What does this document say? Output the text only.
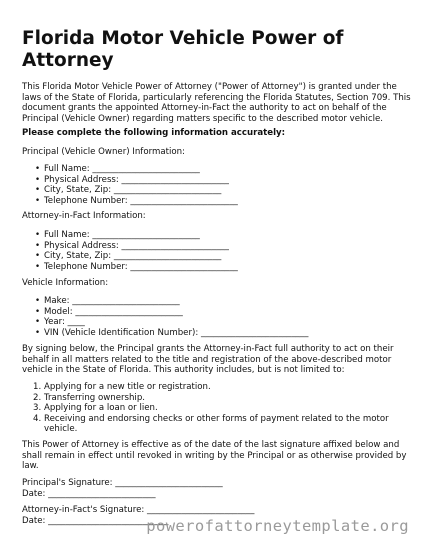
Florida Motor Vehicle Power of Attorney
This Florida Motor Vehicle Power of Attorney ("Power of Attorney") is granted under the
laws of the State of Florida, particularly referencing the Florida Statutes, Section 709. This
document grants the appointed Attorney-in-Fact the authority to act on behalf of the
Principal (Vehicle Owner) regarding matters specific to the described motor vehicle.
Please complete the following information accurately:
Principal (Vehicle Owner) Information:
• Full Name: _________________________
• Physical Address: _________________________
• City, State, Zip: _________________________
• Telephone Number: _________________________
Attorney-in-Fact Information:
• Full Name: _________________________
• Physical Address: _________________________
• City, State, Zip: _________________________
• Telephone Number: _________________________
Vehicle Information:
• Make: _________________________
• Model: _________________________
• Year: ____
• VIN (Vehicle Identification Number): _________________________
By signing below, the Principal grants the Attorney-in-Fact full authority to act on their
behalf in all matters related to the title and registration of the above-described motor
vehicle in the State of Florida. This authority includes, but is not limited to:
1. Applying for a new title or registration.
2. Transferring ownership.
3. Applying for a loan or lien.
4. Receiving and endorsing checks or other forms of payment related to the motor
vehicle.
This Power of Attorney is effective as of the date of the last signature affixed below and
shall remain in effect until revoked in writing by the Principal or as otherwise provided by
law.
Principal's Signature: _________________________
Date: _________________________
Attorney-in-Fact's Signature: _________________________
Date: ____________________________
powerofattorneytemplate.org
